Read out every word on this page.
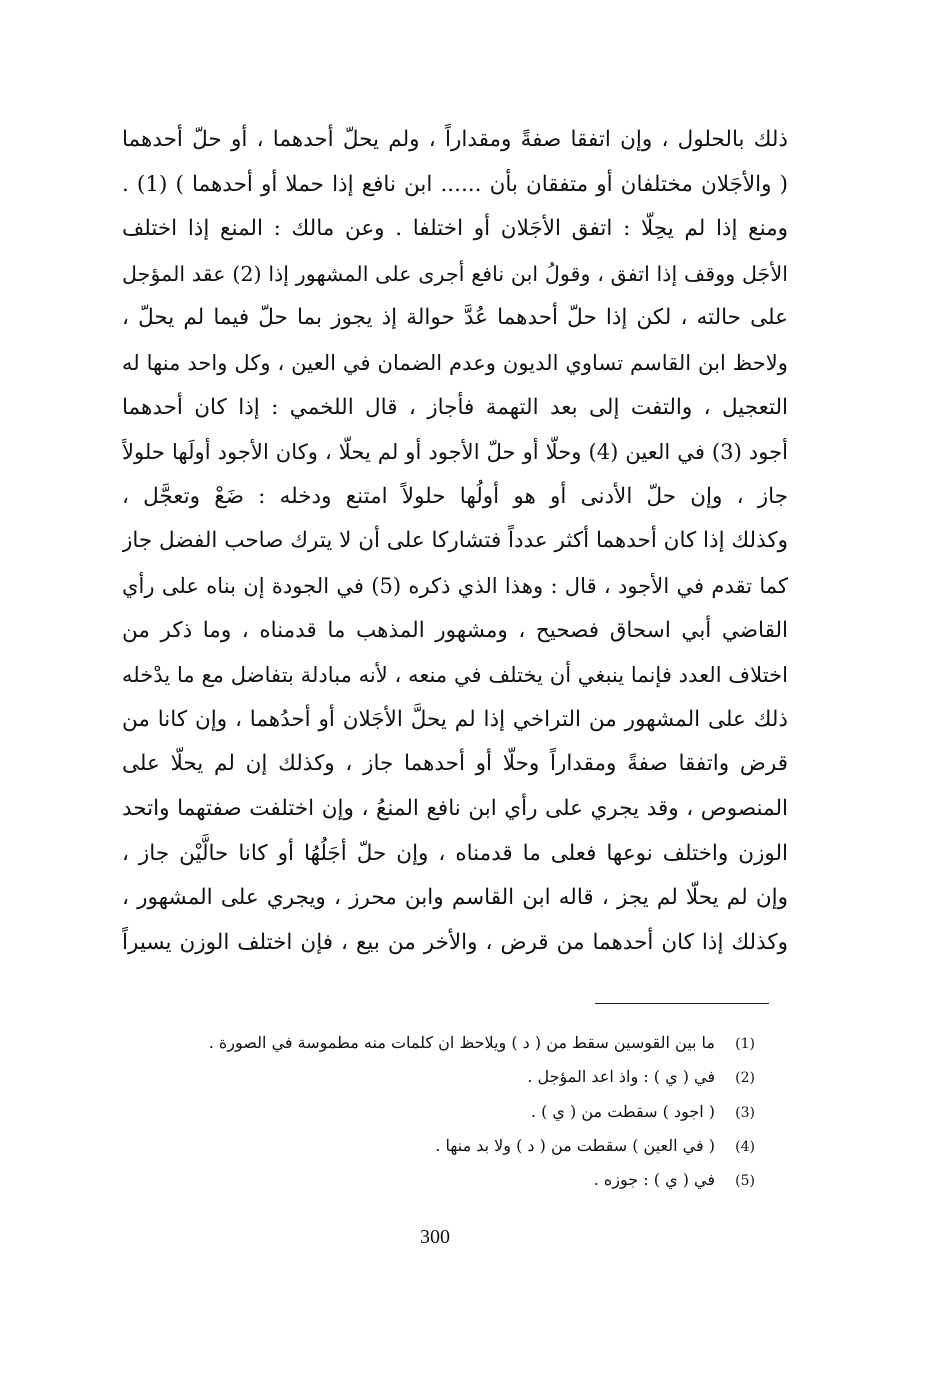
ذلك بالحلول ، وإن اتفقا صفةً ومقداراً ، ولم يحلّ أحدهما ، أو حلّ أحدهما
( والأجَلان مختلفان أو متفقان بأن ...... ابن نافع إذا حملا أو أحدهما ) (1) .
ومنع إذا لم يحِلّا : اتفق الأجَلان أو اختلفا . وعن مالك : المنع إذا اختلف
الأجَل ووقف إذا اتفق ، وقولُ ابن نافع أجرى على المشهور إذا (2) عقد المؤجل
على حالته ، لكن إذا حلّ أحدهما عُدَّ حوالة إذ يجوز بما حلّ فيما لم يحلّ ،
ولاحظ ابن القاسم تساوي الديون وعدم الضمان في العين ، وكل واحد منها له
التعجيل ، والتفت إلى بعد التهمة فأجاز ، قال اللخمي : إذا كان أحدهما
أجود (3) في العين (4) وحلّا أو حلّ الأجود أو لم يحلّا ، وكان الأجود أولَها حلولاً
جاز ، وإن حلّ الأدنى أو هو أولُها حلولاً امتنع ودخله : ضَعْ وتعجَّل ،
وكذلك إذا كان أحدهما أكثر عدداً فتشاركا على أن لا يترك صاحب الفضل جاز
كما تقدم في الأجود ، قال : وهذا الذي ذكره (5) في الجودة إن بناه على رأي
القاضي أبي اسحاق فصحيح ، ومشهور المذهب ما قدمناه ، وما ذكر من
اختلاف العدد فإنما ينبغي أن يختلف في منعه ، لأنه مبادلة بتفاضل مع ما يدْخله
ذلك على المشهور من التراخي إذا لم يحلَّ الأجَلان أو أحدُهما ، وإن كانا من
قرض واتفقا صفةً ومقداراً وحلّا أو أحدهما جاز ، وكذلك إن لم يحلّا على
المنصوص ، وقد يجري على رأي ابن نافع المنعُ ، وإن اختلفت صفتهما واتحد
الوزن واختلف نوعها فعلى ما قدمناه ، وإن حلّ أجَلُهُا أو كانا حالَّيْن جاز ،
وإن لم يحلّا لم يجز ، قاله ابن القاسم وابن محرز ، ويجري على المشهور ،
وكذلك إذا كان أحدهما من قرض ، والأخر من بيع ، فإن اختلف الوزن يسيراً
(1)
ما بين القوسين سقط من ( د ) ويلاحظ ان كلمات منه مطموسة في الصورة .
(2)
في ( ي ) : واذ اعد المؤجل .
(3)
( اجود ) سقطت من ( ي ) .
(4)
( في العين ) سقطت من ( د ) ولا بد منها .
(5)
في ( ي ) : جوزه .
300
